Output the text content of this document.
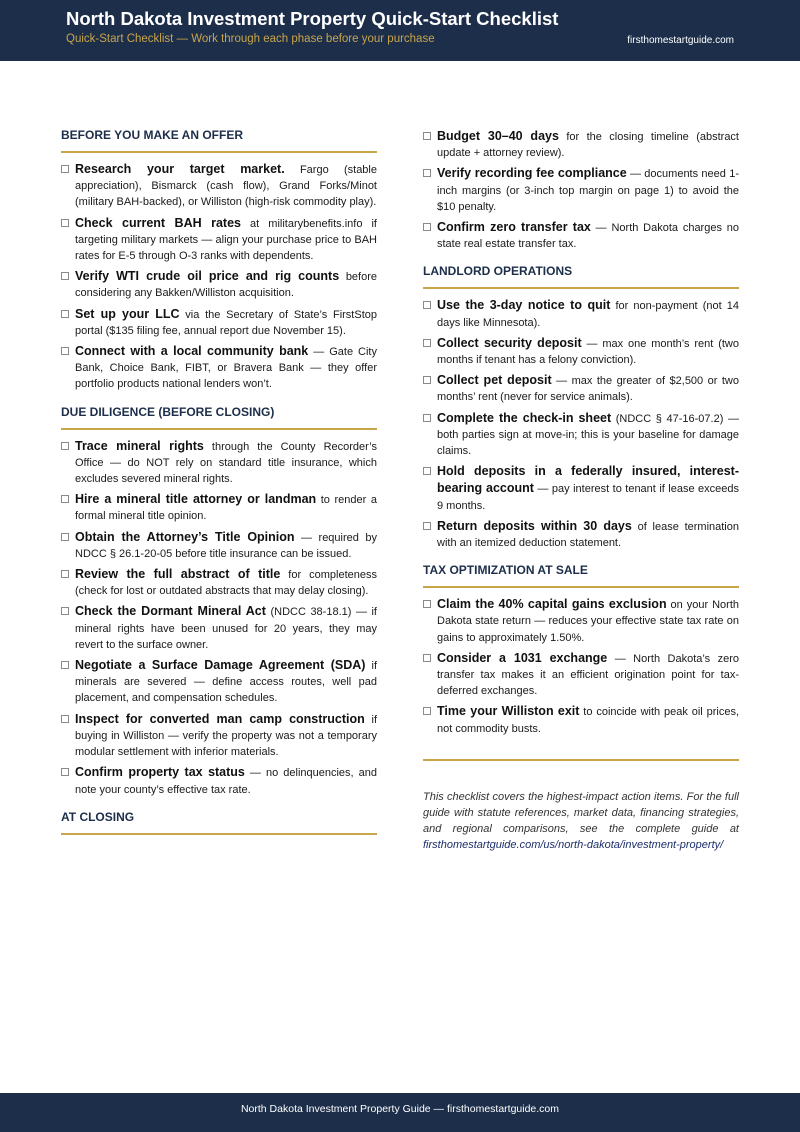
North Dakota Investment Property Quick-Start Checklist
Quick-Start Checklist — Work through each phase before your purchase	firsthomestartguide.com
BEFORE YOU MAKE AN OFFER
Research your target market. Fargo (stable appreciation), Bismarck (cash flow), Grand Forks/Minot (military BAH-backed), or Williston (high-risk commodity play).
Check current BAH rates at militarybenefits.info if targeting military markets — align your purchase price to BAH rates for E-5 through O-3 ranks with dependents.
Verify WTI crude oil price and rig counts before considering any Bakken/Williston acquisition.
Set up your LLC via the Secretary of State’s FirstStop portal ($135 filing fee, annual report due November 15).
Connect with a local community bank — Gate City Bank, Choice Bank, FIBT, or Bravera Bank — they offer portfolio products national lenders won’t.
DUE DILIGENCE (BEFORE CLOSING)
Trace mineral rights through the County Recorder’s Office — do NOT rely on standard title insurance, which excludes severed mineral rights.
Hire a mineral title attorney or landman to render a formal mineral title opinion.
Obtain the Attorney’s Title Opinion — required by NDCC § 26.1-20-05 before title insurance can be issued.
Review the full abstract of title for completeness (check for lost or outdated abstracts that may delay closing).
Check the Dormant Mineral Act (NDCC 38-18.1) — if mineral rights have been unused for 20 years, they may revert to the surface owner.
Negotiate a Surface Damage Agreement (SDA) if minerals are severed — define access routes, well pad placement, and compensation schedules.
Inspect for converted man camp construction if buying in Williston — verify the property was not a temporary modular settlement with inferior materials.
Confirm property tax status — no delinquencies, and note your county’s effective tax rate.
AT CLOSING
Budget 30–40 days for the closing timeline (abstract update + attorney review).
Verify recording fee compliance — documents need 1-inch margins (or 3-inch top margin on page 1) to avoid the $10 penalty.
Confirm zero transfer tax — North Dakota charges no state real estate transfer tax.
LANDLORD OPERATIONS
Use the 3-day notice to quit for non-payment (not 14 days like Minnesota).
Collect security deposit — max one month’s rent (two months if tenant has a felony conviction).
Collect pet deposit — max the greater of $2,500 or two months’ rent (never for service animals).
Complete the check-in sheet (NDCC § 47-16-07.2) — both parties sign at move-in; this is your baseline for damage claims.
Hold deposits in a federally insured, interest-bearing account — pay interest to tenant if lease exceeds 9 months.
Return deposits within 30 days of lease termination with an itemized deduction statement.
TAX OPTIMIZATION AT SALE
Claim the 40% capital gains exclusion on your North Dakota state return — reduces your effective state tax rate on gains to approximately 1.50%.
Consider a 1031 exchange — North Dakota’s zero transfer tax makes it an efficient origination point for tax-deferred exchanges.
Time your Williston exit to coincide with peak oil prices, not commodity busts.
This checklist covers the highest-impact action items. For the full guide with statute references, market data, financing strategies, and regional comparisons, see the complete guide at firsthomestartguide.com/us/north-dakota/investment-property/
North Dakota Investment Property Guide — firsthomestartguide.com
